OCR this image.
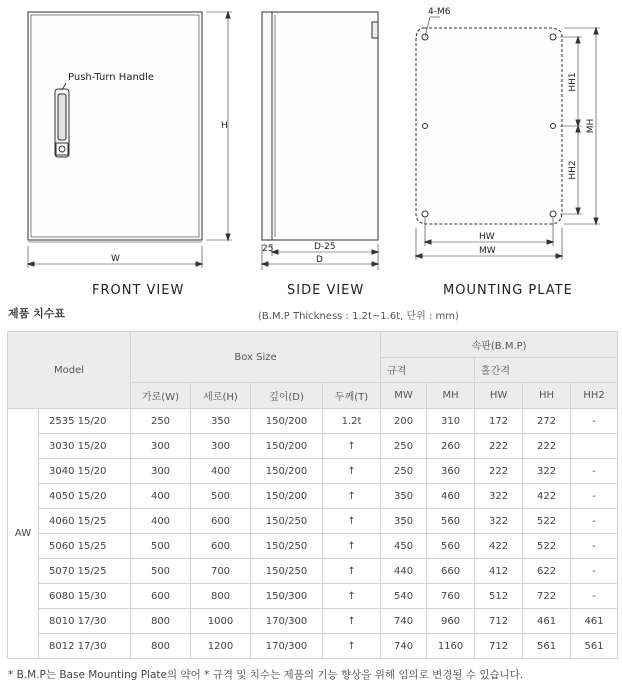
Push-Turn Handle
W
H
FRONT VIEW
25	D-25
D
SIDE VIEW
4-M6
HH1
HH2
MH
HW
MW
MOUNTING PLATE
제품 치수표	(B.M.P Thickness : 1.2t~1.6t, 단위 : mm)
Model		Box Size				속판(B.M.P)				
						규격		홀간격		
		가로(W)	세로(H)	깊이(D)	두께(T)	MW	MH	HW	HH	HH2
AW	2535 15/20	250	350	150/200	1.2t	200	310	172	272	-
	3030 15/20	300	300	150/200	↑	250	260	222	222	
	3040 15/20	300	400	150/200	↑	250	360	222	322	-
	4050 15/20	400	500	150/200	↑	350	460	322	422	-
	4060 15/25	400	600	150/250	↑	350	560	322	522	-
	5060 15/25	500	600	150/250	↑	450	560	422	522	-
	5070 15/25	500	700	150/250	↑	440	660	412	622	-
	6080 15/30	600	800	150/300	↑	540	760	512	722	-
	8010 17/30	800	1000	170/300	↑	740	960	712	461	461
	8012 17/30	800	1200	170/300	↑	740	1160	712	561	561
* B.M.P는 Base Mounting Plate의 약어 * 규격 및 치수는 제품의 기능 향상을 위해 임의로 변경될 수 있습니다.
